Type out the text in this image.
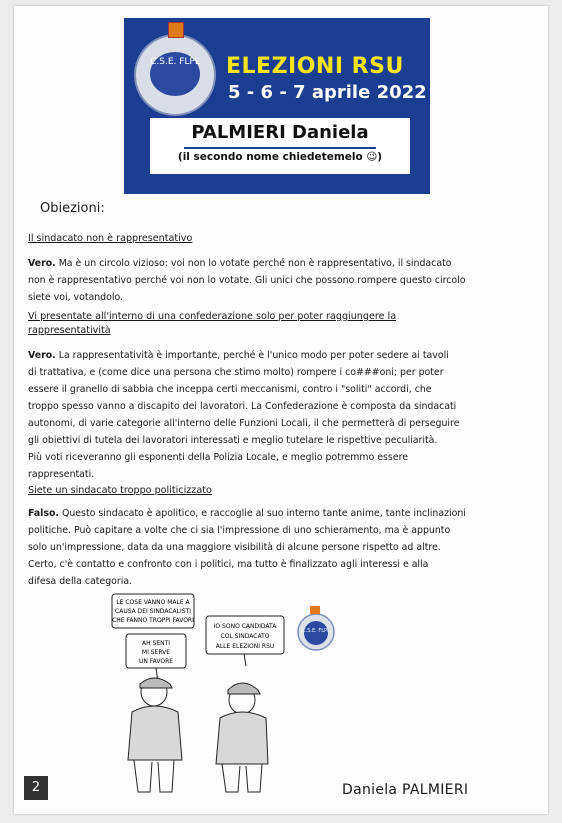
C.S.E. FLPL ELEZIONI RSU
5 - 6 - 7 aprile 2022
PALMIERI Daniela
(il secondo nome chiedetemelo 😉)
Obiezioni:
Il sindacato non è rappresentativo
Vero. Ma è un circolo vizioso: voi non lo votate perché non è rappresentativo, il sindacato
non è rappresentativo perché voi non lo votate. Gli unici che possono rompere questo circolo
siete voi, votandolo.
Vi presentate all'interno di una confederazione solo per poter raggiungere la
rappresentatività
Vero. La rappresentatività è importante, perché è l'unico modo per poter sedere ai tavoli
di trattativa, e (come dice una persona che stimo molto) rompere i co###oni; per poter
essere il granello di sabbia che inceppa certi meccanismi, contro i "soliti" accordi, che
troppo spesso vanno a discapito dei lavoratori. La Confederazione è composta da sindacati
autonomi, di varie categorie all'interno delle Funzioni Locali, il che permetterà di perseguire
gli obiettivi di tutela dei lavoratori interessati e meglio tutelare le rispettive peculiarità.
Più voti riceveranno gli esponenti della Polizia Locale, e meglio potremmo essere
rappresentati.
Siete un sindacato troppo politicizzato
Falso. Questo sindacato è apolitico, e raccoglie al suo interno tante anime, tante inclinazioni
politiche. Può capitare a volte che ci sia l'impressione di uno schieramento, ma è appunto
solo un'impressione, data da una maggiore visibilità di alcune persone rispetto ad altre.
Certo, c'è contatto e confronto con i politici, ma tutto è finalizzato agli interessi e alla
difesa della categoria.
LE COSE VANNO MALE A
CAUSA DEI SINDACALISTI
CHE FANNO TROPPI FAVORI
AH SENTI
MI SERVE
UN FAVORE
IO SONO CANDIDATA
COL SINDACATO
ALLE ELEZIONI RSU
C.S.E. FLPL
2	Daniela PALMIERI
